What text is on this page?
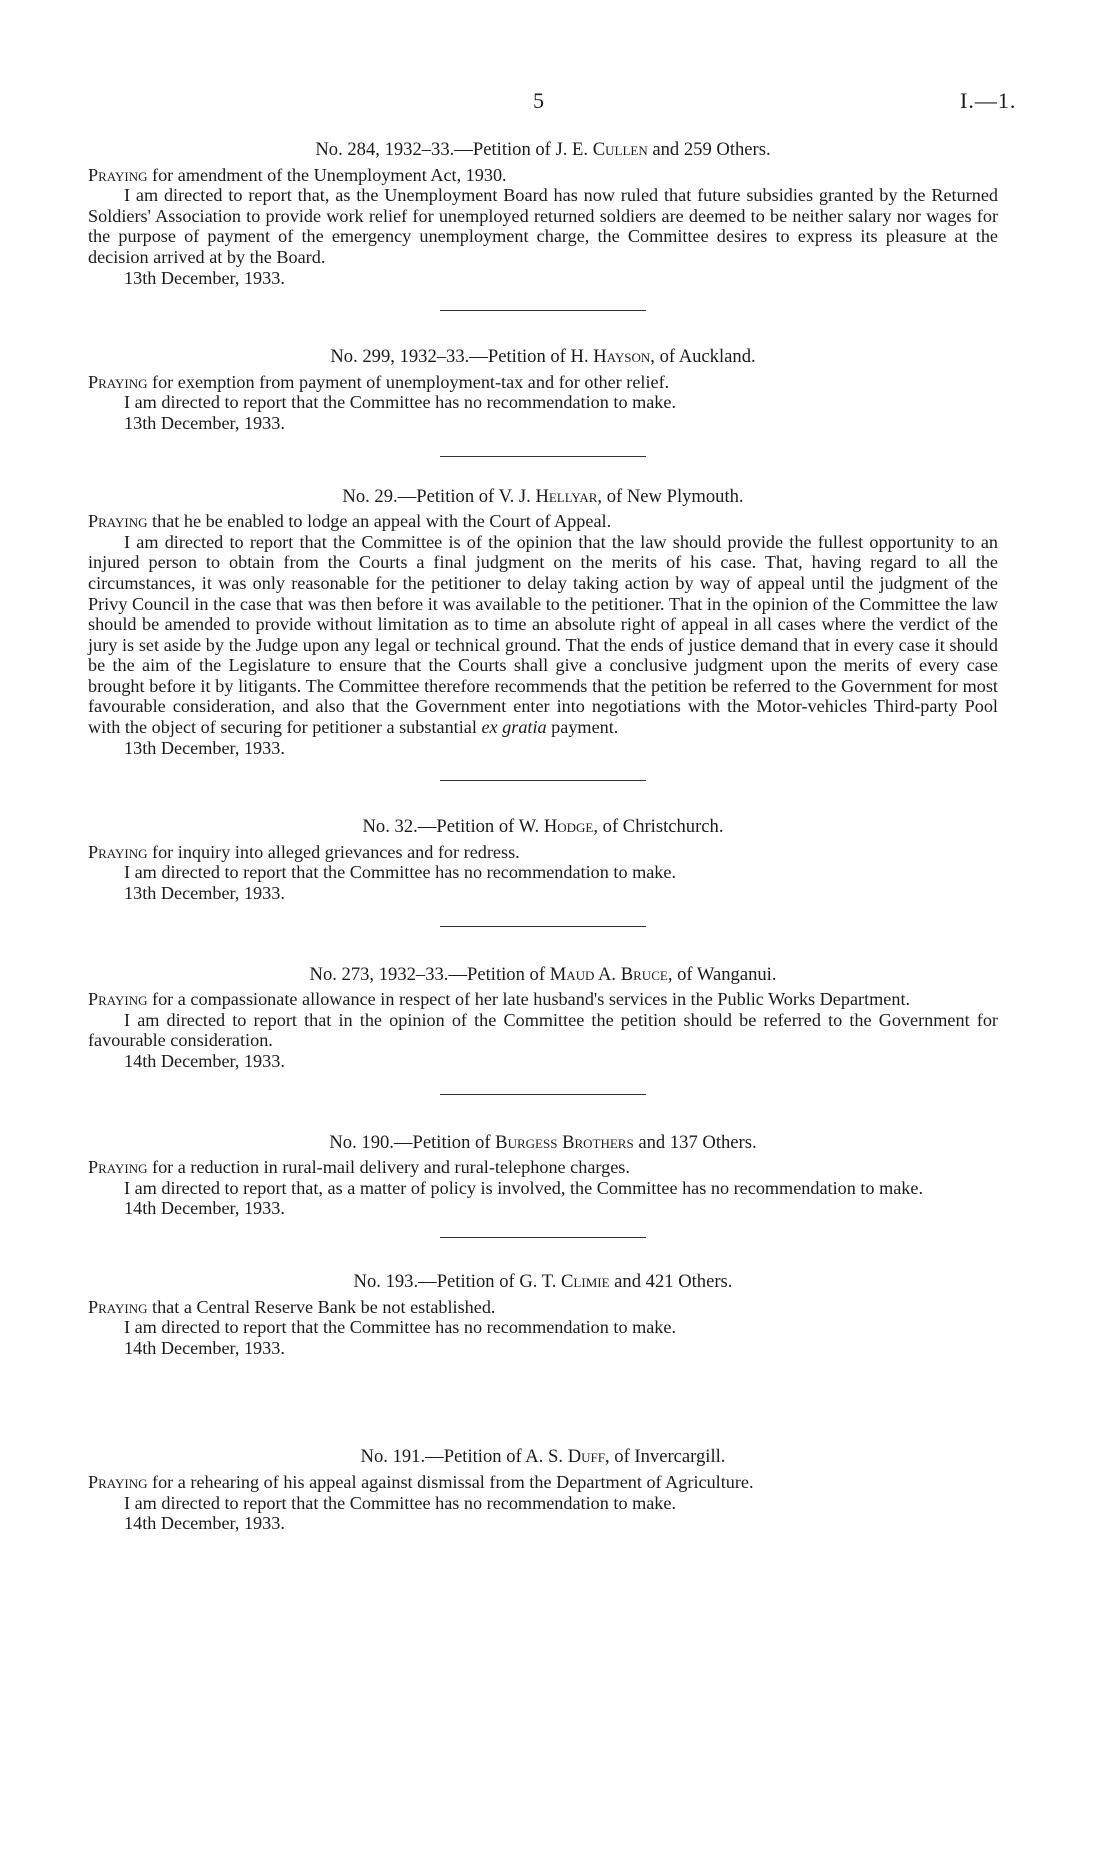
5	I.—1.

No. 284, 1932–33.—Petition of J. E. Cullen and 259 Others.

Praying for amendment of the Unemployment Act, 1930.

I am directed to report that, as the Unemployment Board has now ruled that future subsidies granted by the Returned Soldiers' Association to provide work relief for unemployed returned soldiers are deemed to be neither salary nor wages for the purpose of payment of the emergency unemployment charge, the Committee desires to express its pleasure at the decision arrived at by the Board.

13th December, 1933.

No. 299, 1932–33.—Petition of H. Hayson, of Auckland.

Praying for exemption from payment of unemployment-tax and for other relief.

I am directed to report that the Committee has no recommendation to make.

13th December, 1933.

No. 29.—Petition of V. J. Hellyar, of New Plymouth.

Praying that he be enabled to lodge an appeal with the Court of Appeal.

I am directed to report that the Committee is of the opinion that the law should provide the fullest opportunity to an injured person to obtain from the Courts a final judgment on the merits of his case. That, having regard to all the circumstances, it was only reasonable for the petitioner to delay taking action by way of appeal until the judgment of the Privy Council in the case that was then before it was available to the petitioner. That in the opinion of the Committee the law should be amended to provide without limitation as to time an absolute right of appeal in all cases where the verdict of the jury is set aside by the Judge upon any legal or technical ground. That the ends of justice demand that in every case it should be the aim of the Legislature to ensure that the Courts shall give a conclusive judgment upon the merits of every case brought before it by litigants. The Committee therefore recommends that the petition be referred to the Government for most favourable consideration, and also that the Government enter into negotiations with the Motor-vehicles Third-party Pool with the object of securing for petitioner a substantial ex gratia payment.

13th December, 1933.

No. 32.—Petition of W. Hodge, of Christchurch.

Praying for inquiry into alleged grievances and for redress.

I am directed to report that the Committee has no recommendation to make.

13th December, 1933.

No. 273, 1932–33.—Petition of Maud A. Bruce, of Wanganui.

Praying for a compassionate allowance in respect of her late husband's services in the Public Works Department.

I am directed to report that in the opinion of the Committee the petition should be referred to the Government for favourable consideration.

14th December, 1933.

No. 190.—Petition of Burgess Brothers and 137 Others.

Praying for a reduction in rural-mail delivery and rural-telephone charges.

I am directed to report that, as a matter of policy is involved, the Committee has no recommendation to make.

14th December, 1933.

No. 193.—Petition of G. T. Climie and 421 Others.

Praying that a Central Reserve Bank be not established.

I am directed to report that the Committee has no recommendation to make.

14th December, 1933.

No. 191.—Petition of A. S. Duff, of Invercargill.

Praying for a rehearing of his appeal against dismissal from the Department of Agriculture.

I am directed to report that the Committee has no recommendation to make.

14th December, 1933.
